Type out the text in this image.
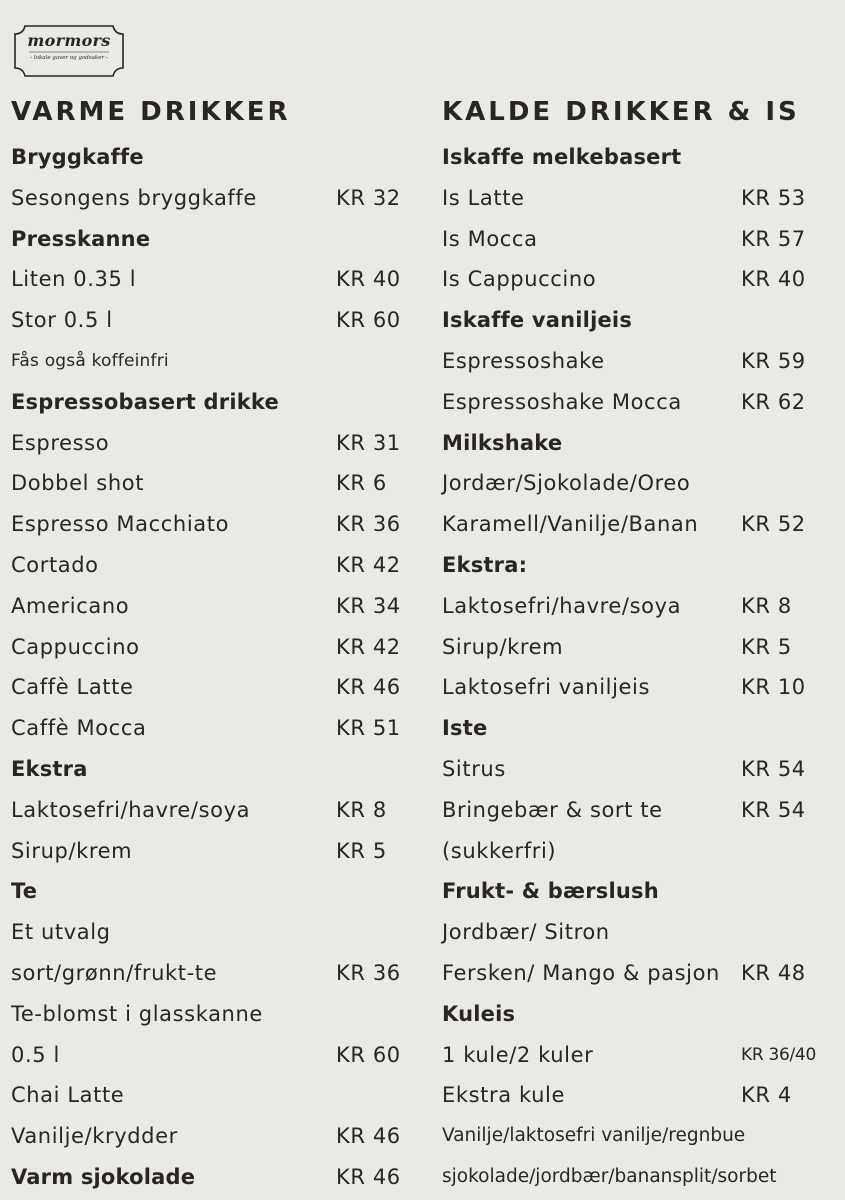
mormors
- lokale gaver og godsaker -
VARME DRIKKER
Bryggkaffe
Sesongens bryggkaffe	KR 32
Presskanne
Liten 0.35 l	KR 40
Stor 0.5 l	KR 60
Fås også koffeinfri
Espressobasert drikke
Espresso	KR 31
Dobbel shot	KR 6
Espresso Macchiato	KR 36
Cortado	KR 42
Americano	KR 34
Cappuccino	KR 42
Caffè Latte	KR 46
Caffè Mocca	KR 51
Ekstra
Laktosefri/havre/soya	KR 8
Sirup/krem	KR 5
Te
Et utvalg
sort/grønn/frukt-te	KR 36
Te-blomst i glasskanne
0.5 l	KR 60
Chai Latte
Vanilje/krydder	KR 46
Varm sjokolade	KR 46
KALDE DRIKKER & IS
Iskaffe melkebasert
Is Latte	KR 53
Is Mocca	KR 57
Is Cappuccino	KR 40
Iskaffe vaniljeis
Espressoshake	KR 59
Espressoshake Mocca	KR 62
Milkshake
Jordær/Sjokolade/Oreo
Karamell/Vanilje/Banan KR 52
Ekstra:
Laktosefri/havre/soya	KR 8
Sirup/krem	KR 5
Laktosefri vaniljeis	KR 10
Iste
Sitrus	KR 54
Bringebær & sort te	KR 54
(sukkerfri)
Frukt- & bærslush
Jordbær/ Sitron
Fersken/ Mango & pasjon KR 48
Kuleis
1 kule/2 kuler	KR 36/40
Ekstra kule	KR 4
Vanilje/laktosefri vanilje/regnbue
sjokolade/jordbær/banansplit/sorbet
